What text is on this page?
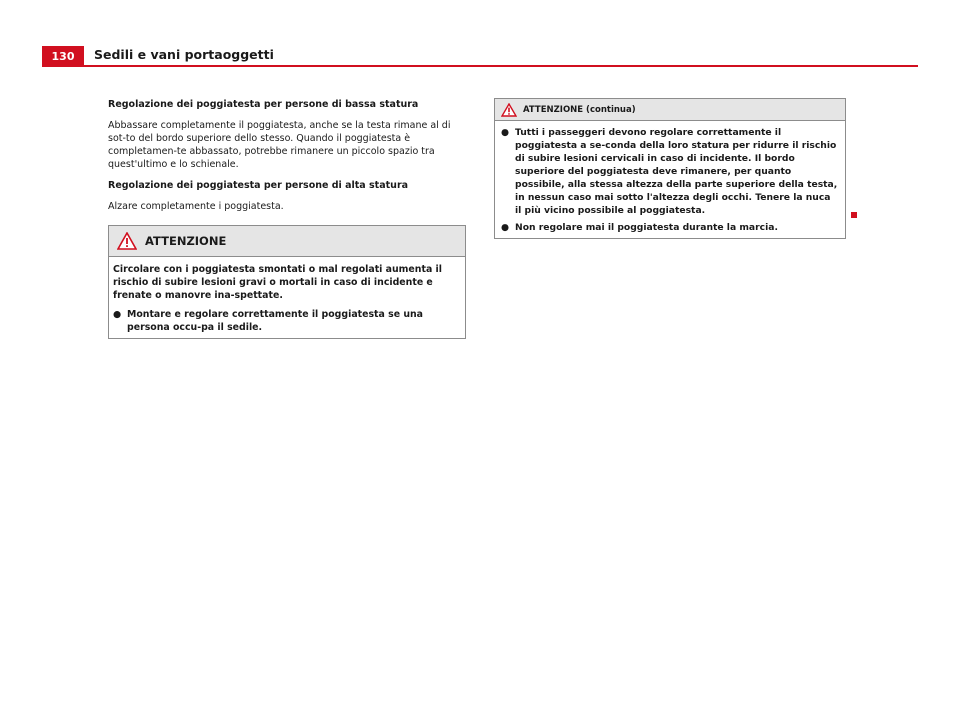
130	Sedili e vani portaoggetti

Regolazione dei poggiatesta per persone di bassa statura

Abbassare completamente il poggiatesta, anche se la testa rimane al di sot-to del bordo superiore dello stesso. Quando il poggiatesta è completamen-te abbassato, potrebbe rimanere un piccolo spazio tra quest'ultimo e lo schienale.

Regolazione dei poggiatesta per persone di alta statura

Alzare completamente i poggiatesta.

ATTENZIONE

Circolare con i poggiatesta smontati o mal regolati aumenta il rischio di subire lesioni gravi o mortali in caso di incidente e frenate o manovre ina-spettate.

● Montare e regolare correttamente il poggiatesta se una persona occu-pa il sedile.
ATTENZIONE (continua)
● Tutti i passeggeri devono regolare correttamente il poggiatesta a se-conda della loro statura per ridurre il rischio di subire lesioni cervicali in caso di incidente. Il bordo superiore del poggiatesta deve rimanere, per quanto possibile, alla stessa altezza della parte superiore della testa, in nessun caso mai sotto l'altezza degli occhi. Tenere la nuca il più vicino possibile al poggiatesta.
● Non regolare mai il poggiatesta durante la marcia.
